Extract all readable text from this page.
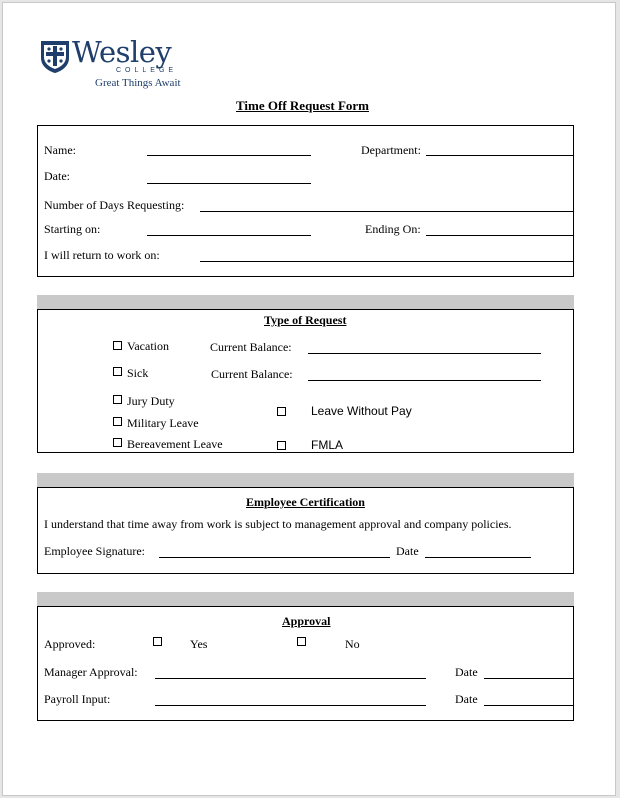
Wesley
COLLEGE
Great Things Await
Time Off Request Form
Name:	Department:
Date:
Number of Days Requesting:
Starting on:	Ending On:
I will return to work on:
Type of Request
Vacation	Current Balance:
Sick	Current Balance:
Jury Duty
Military Leave
Bereavement Leave
Leave Without Pay
FMLA
Employee Certification
I understand that time away from work is subject to management approval and company policies.
Employee Signature:	Date
Approval
Approved:	Yes	No
Manager Approval:	Date
Payroll Input:	Date
